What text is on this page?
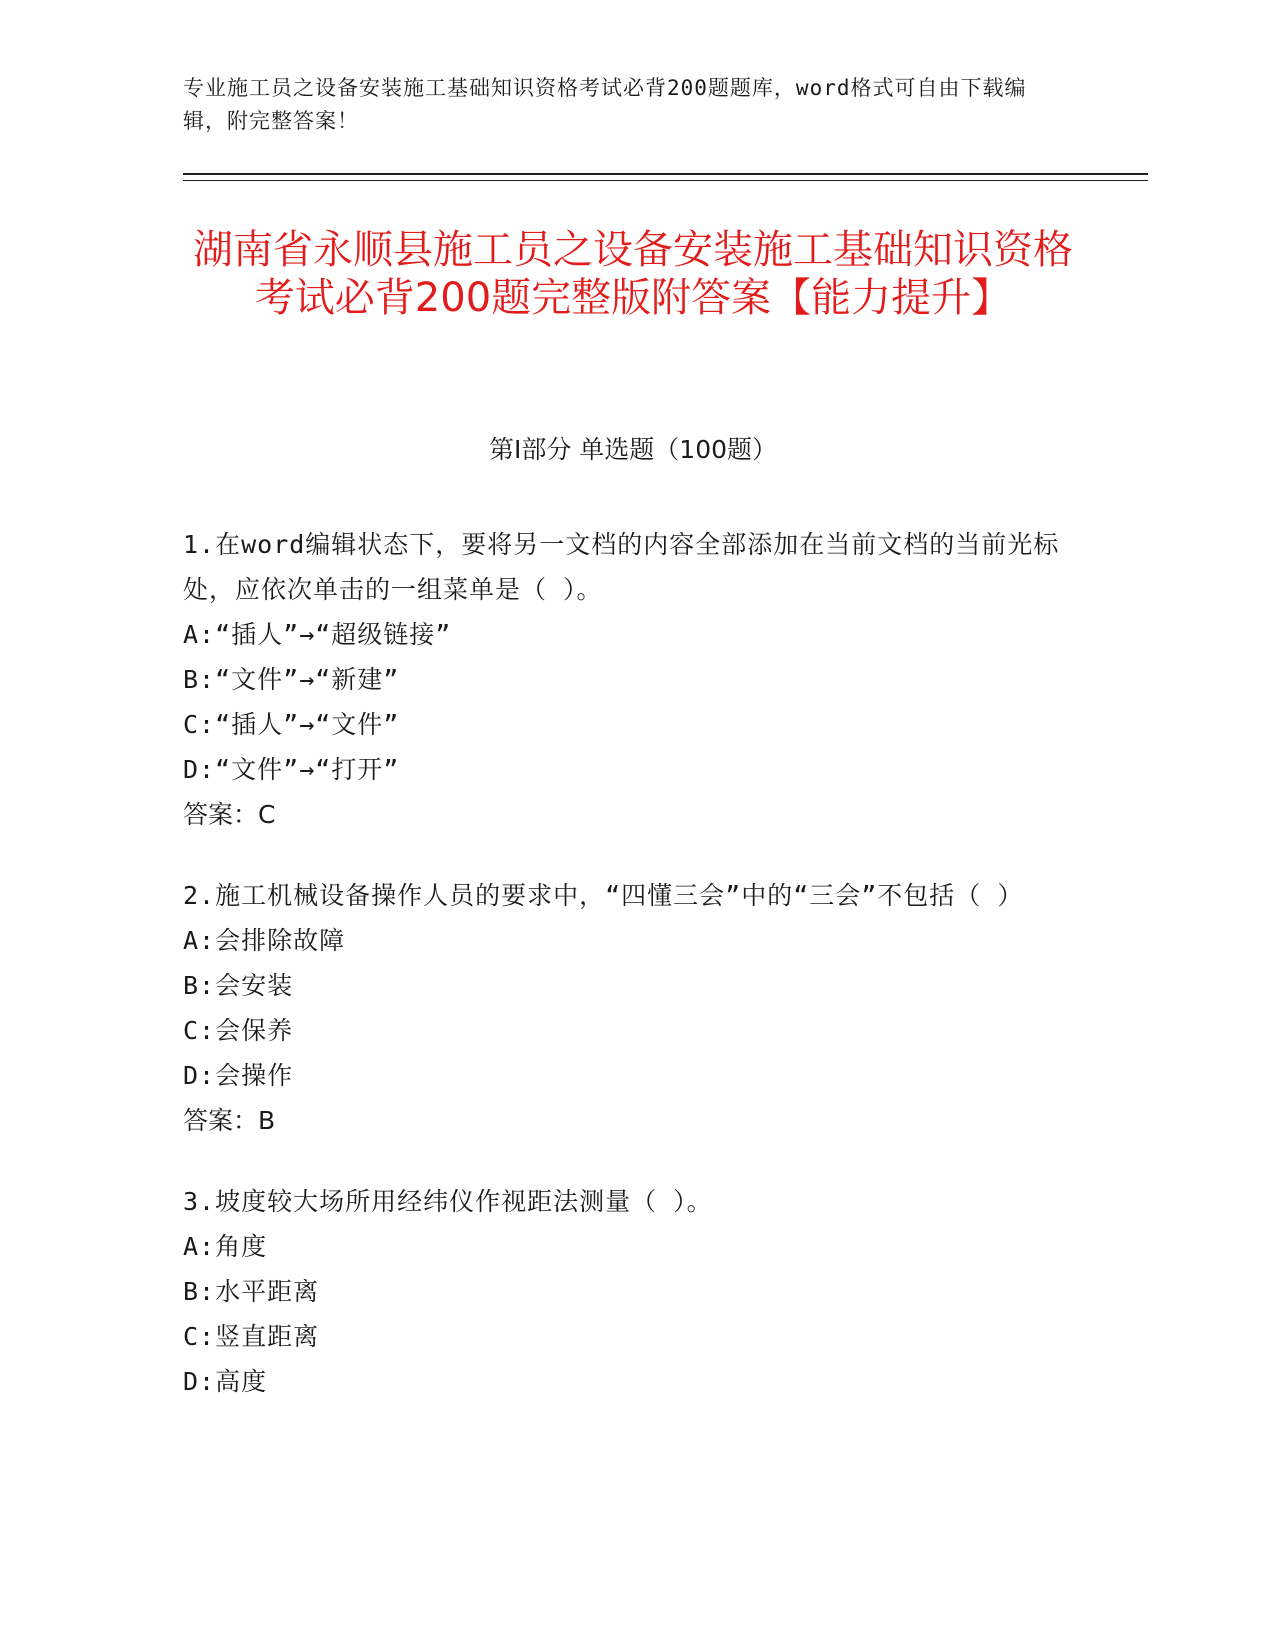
专业施工员之设备安装施工基础知识资格考试必背200题题库，word格式可自由下载编辑，附完整答案！
湖南省永顺县施工员之设备安装施工基础知识资格考试必背200题完整版附答案【能力提升】
第I部分 单选题（100题）
1.在word编辑状态下，要将另一文档的内容全部添加在当前文档的当前光标处，应依次单击的一组菜单是（ ）。
A:“插人”→“超级链接”
B:“文件”→“新建”
C:“插人”→“文件”
D:“文件”→“打开”
答案：C
2.施工机械设备操作人员的要求中，“四懂三会”中的“三会”不包括（ ）
A:会排除故障
B:会安装
C:会保养
D:会操作
答案：B
3.坡度较大场所用经纬仪作视距法测量（ ）。
A:角度
B:水平距离
C:竖直距离
D:高度
